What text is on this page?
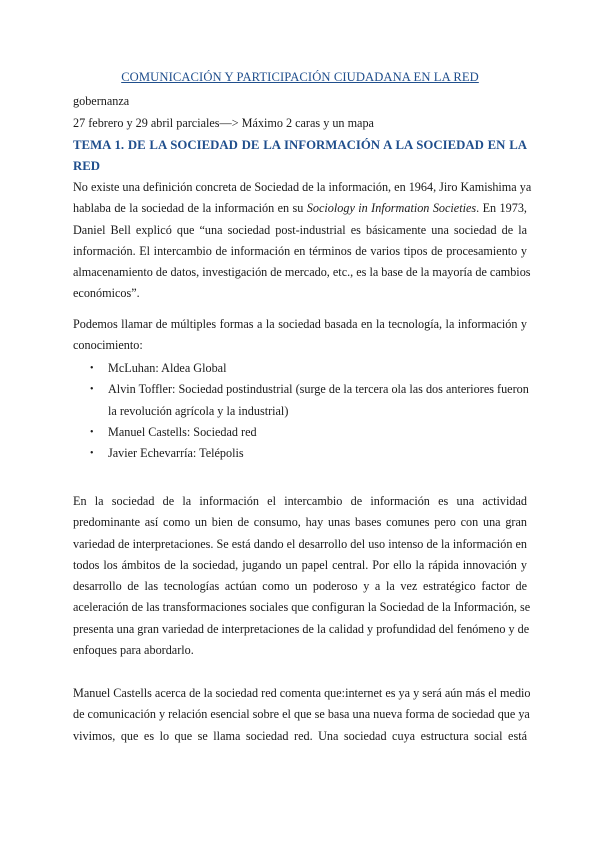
COMUNICACIÓN Y PARTICIPACIÓN CIUDADANA EN LA RED
gobernanza
27 febrero y 29 abril parciales—> Máximo 2 caras y un mapa
TEMA 1. DE LA SOCIEDAD DE LA INFORMACIÓN A LA SOCIEDAD EN LA RED
No existe una definición concreta de Sociedad de la información, en 1964, Jiro Kamishima ya
hablaba de la sociedad de la información en su Sociology in Information Societies. En 1973,
Daniel Bell explicó que “una sociedad post-industrial es básicamente una sociedad de la
información. El intercambio de información en términos de varios tipos de procesamiento y
almacenamiento de datos, investigación de mercado, etc., es la base de la mayoría de cambios
económicos”.
Podemos llamar de múltiples formas a la sociedad basada en la tecnología, la información y
conocimiento:
• McLuhan: Aldea Global
• Alvin Toffler: Sociedad postindustrial (surge de la tercera ola las dos anteriores fueron
la revolución agrícola y la industrial)
• Manuel Castells: Sociedad red
• Javier Echevarría: Telépolis
En la sociedad de la información el intercambio de información es una actividad
predominante así como un bien de consumo, hay unas bases comunes pero con una gran
variedad de interpretaciones. Se está dando el desarrollo del uso intenso de la información en
todos los ámbitos de la sociedad, jugando un papel central. Por ello la rápida innovación y
desarrollo de las tecnologías actúan como un poderoso y a la vez estratégico factor de
aceleración de las transformaciones sociales que configuran la Sociedad de la Información, se
presenta una gran variedad de interpretaciones de la calidad y profundidad del fenómeno y de
enfoques para abordarlo.
Manuel Castells acerca de la sociedad red comenta que:internet es ya y será aún más el medio
de comunicación y relación esencial sobre el que se basa una nueva forma de sociedad que ya
vivimos, que es lo que se llama sociedad red. Una sociedad cuya estructura social está
